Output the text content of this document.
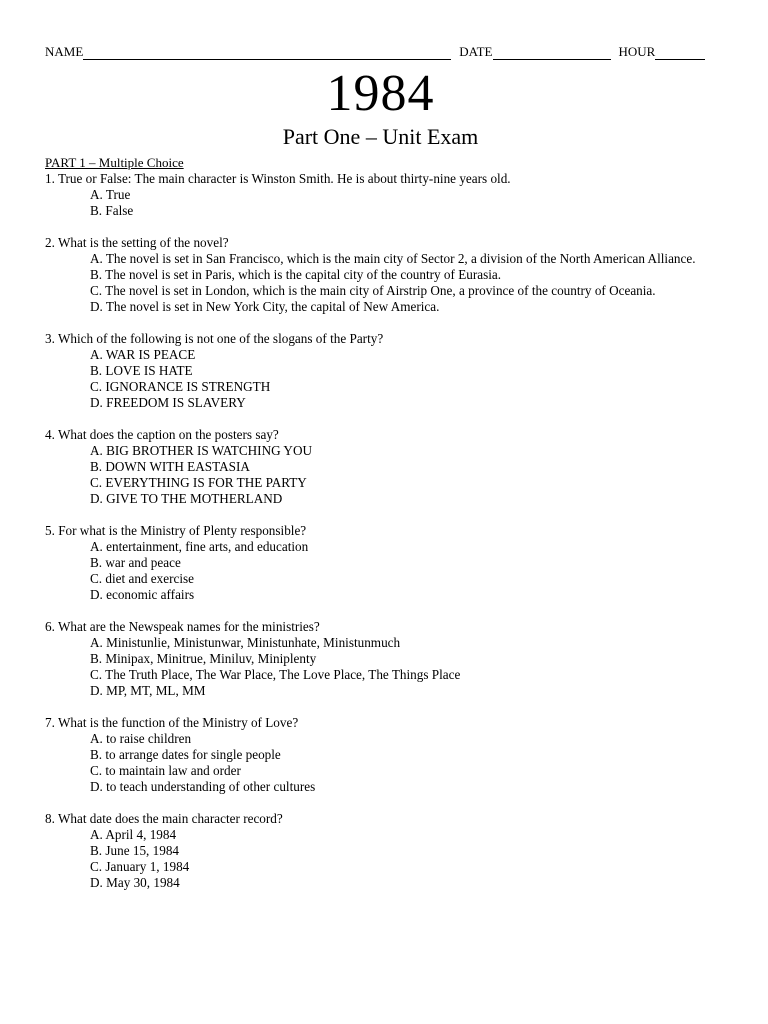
NAME	DATE	HOUR
1984
Part One – Unit Exam
PART 1 – Multiple Choice
1. True or False: The main character is Winston Smith. He is about thirty-nine years old.
A. True
B. False
2. What is the setting of the novel?
A. The novel is set in San Francisco, which is the main city of Sector 2, a division of the North American Alliance.
B. The novel is set in Paris, which is the capital city of the country of Eurasia.
C. The novel is set in London, which is the main city of Airstrip One, a province of the country of Oceania.
D. The novel is set in New York City, the capital of New America.
3. Which of the following is not one of the slogans of the Party?
A. WAR IS PEACE
B. LOVE IS HATE
C. IGNORANCE IS STRENGTH
D. FREEDOM IS SLAVERY
4. What does the caption on the posters say?
A. BIG BROTHER IS WATCHING YOU
B. DOWN WITH EASTASIA
C. EVERYTHING IS FOR THE PARTY
D. GIVE TO THE MOTHERLAND
5. For what is the Ministry of Plenty responsible?
A. entertainment, fine arts, and education
B. war and peace
C. diet and exercise
D. economic affairs
6. What are the Newspeak names for the ministries?
A. Ministunlie, Ministunwar, Ministunhate, Ministunmuch
B. Minipax, Minitrue, Miniluv, Miniplenty
C. The Truth Place, The War Place, The Love Place, The Things Place
D. MP, MT, ML, MM
7. What is the function of the Ministry of Love?
A. to raise children
B. to arrange dates for single people
C. to maintain law and order
D. to teach understanding of other cultures
8. What date does the main character record?
A. April 4, 1984
B. June 15, 1984
C. January 1, 1984
D. May 30, 1984
